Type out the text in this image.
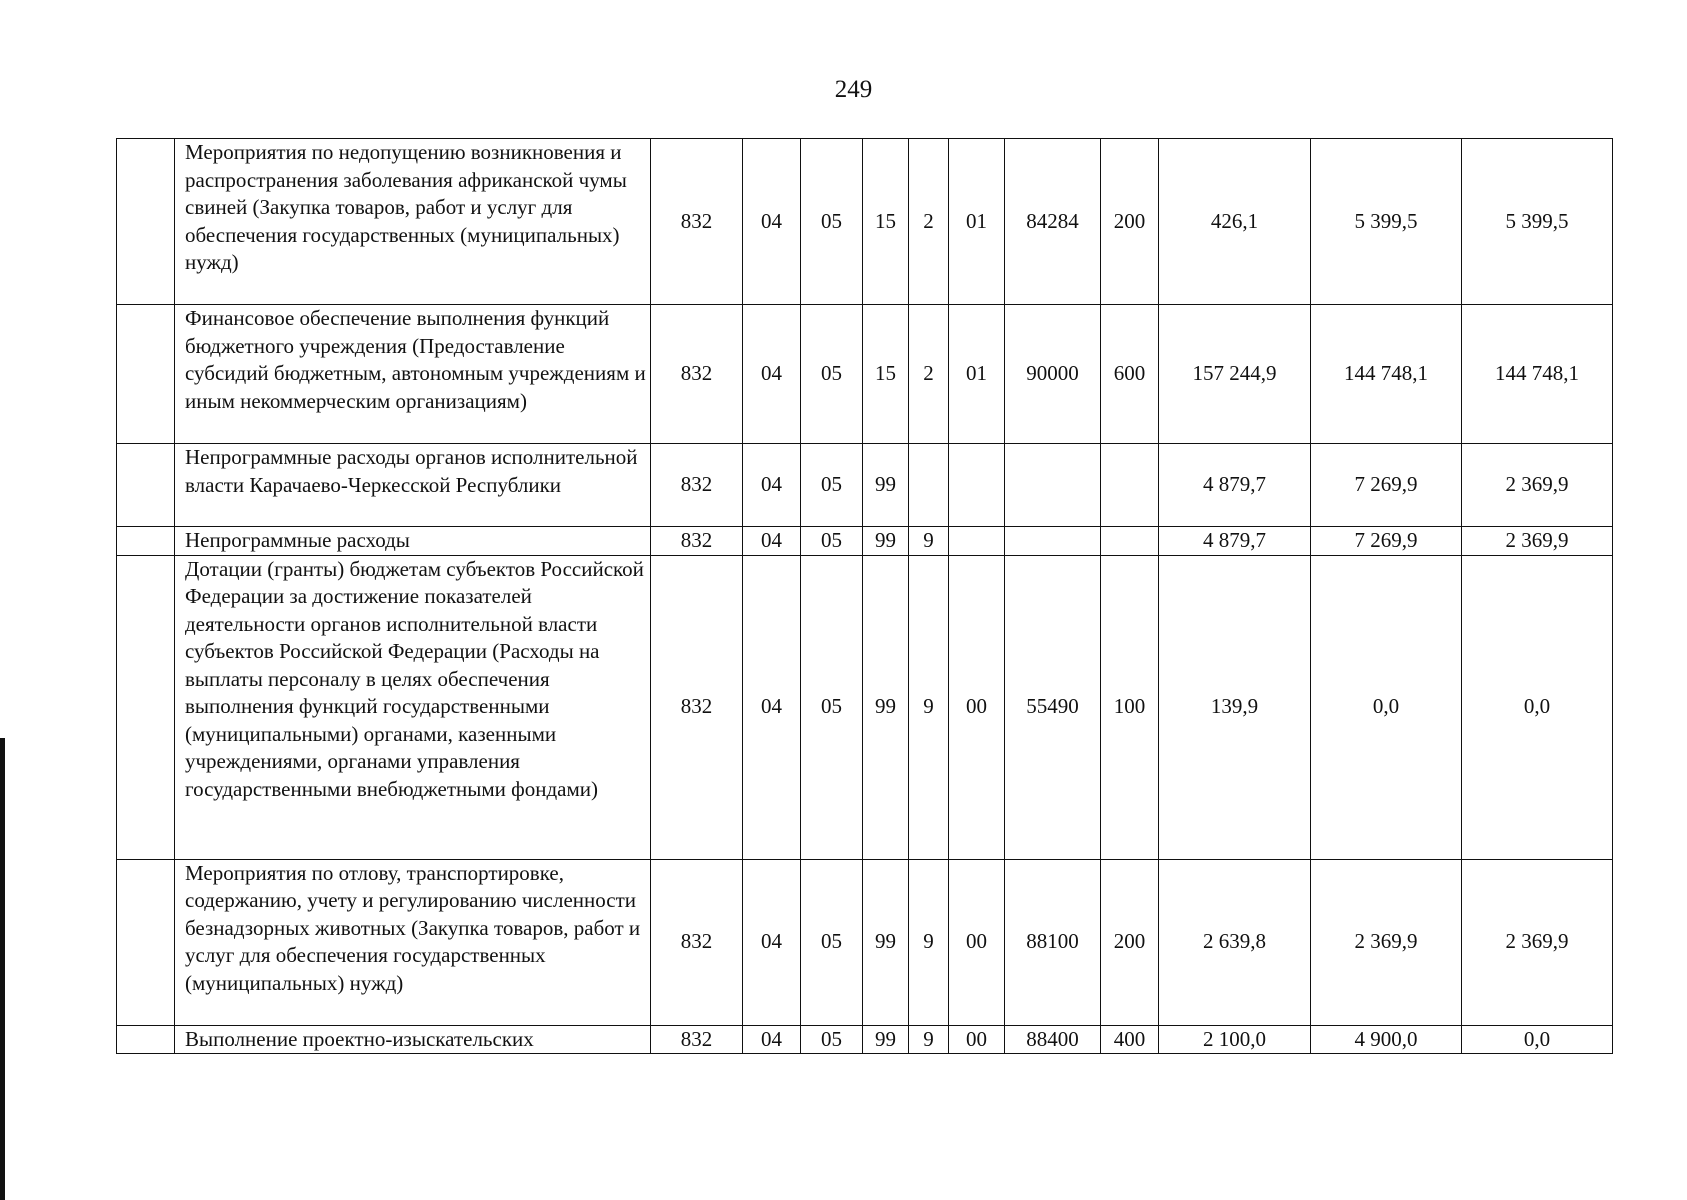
249
	Мероприятия по недопущению возникновения и распространения заболевания африканской чумы свиней (Закупка товаров, работ и услуг для обеспечения государственных (муниципальных) нужд)	832	04	05	15	2	01	84284	200	426,1	5 399,5	5 399,5
	Финансовое обеспечение выполнения функций бюджетного учреждения (Предоставление субсидий бюджетным, автономным учреждениям и иным некоммерческим организациям)	832	04	05	15	2	01	90000	600	157 244,9	144 748,1	144 748,1
	Непрограммные расходы органов исполнительной власти Карачаево-Черкесской Республики	832	04	05	99					4 879,7	7 269,9	2 369,9
	Непрограммные расходы	832	04	05	99	9				4 879,7	7 269,9	2 369,9
	Дотации (гранты) бюджетам субъектов Российской Федерации за достижение показателей деятельности органов исполнительной власти субъектов Российской Федерации (Расходы на выплаты персоналу в целях обеспечения выполнения функций государственными (муниципальными) органами, казенными учреждениями, органами управления государственными внебюджетными фондами)	832	04	05	99	9	00	55490	100	139,9	0,0	0,0
	Мероприятия по отлову, транспортировке, содержанию, учету и регулированию численности безнадзорных животных (Закупка товаров, работ и услуг для обеспечения государственных (муниципальных) нужд)	832	04	05	99	9	00	88100	200	2 639,8	2 369,9	2 369,9
	Выполнение проектно-изыскательских	832	04	05	99	9	00	88400	400	2 100,0	4 900,0	0,0
